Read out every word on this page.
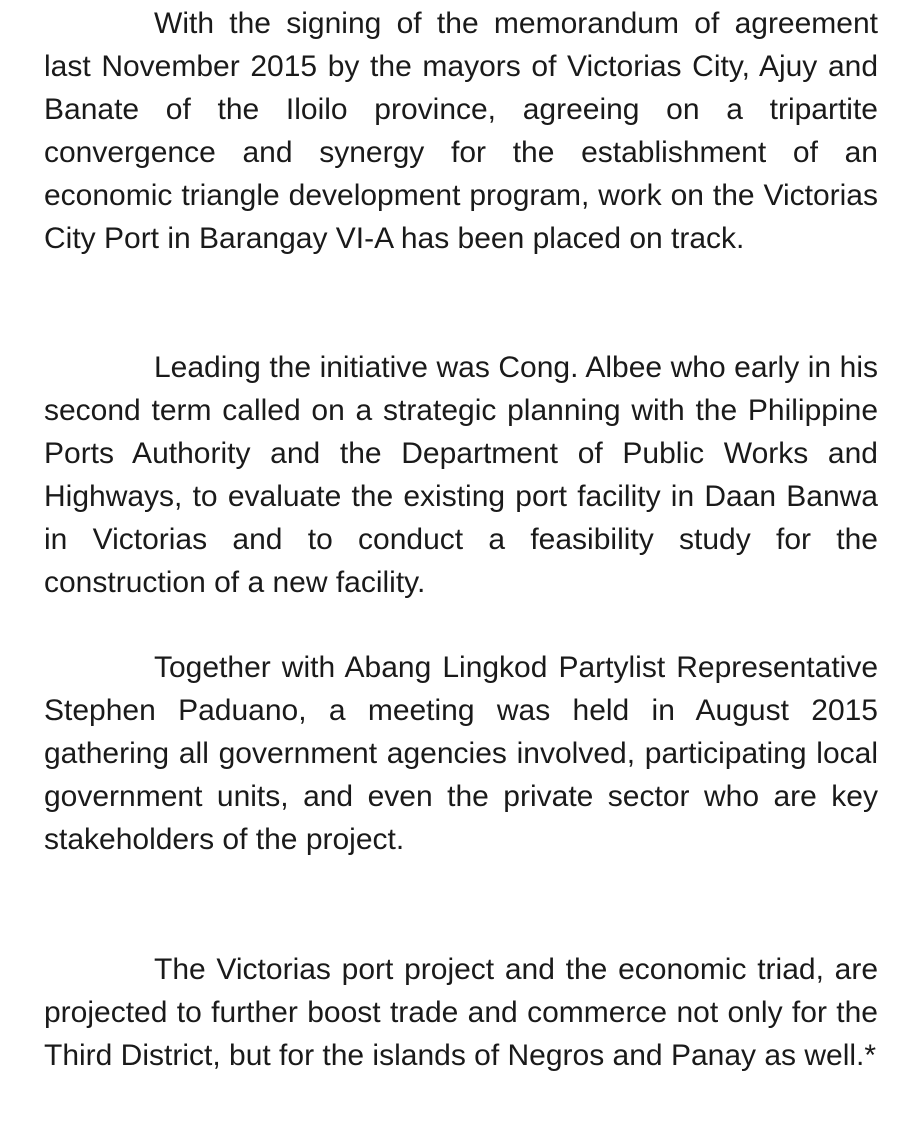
With the signing of the memorandum of agreement last November 2015 by the mayors of Victorias City, Ajuy and Banate of the Iloilo province, agreeing on a tripartite convergence and synergy for the establishment of an economic triangle development program, work on the Victorias City Port in Barangay VI-A has been placed on track.

Leading the initiative was Cong. Albee who early in his second term called on a strategic planning with the Philippine Ports Authority and the Department of Public Works and Highways, to evaluate the existing port facility in Daan Banwa in Victorias and to conduct a feasibility study for the construction of a new facility.

Together with Abang Lingkod Partylist Representative Stephen Paduano, a meeting was held in August 2015 gathering all government agencies involved, participating local government units, and even the private sector who are key stakeholders of the project.

The Victorias port project and the economic triad, are projected to further boost trade and commerce not only for the Third District, but for the islands of Negros and Panay as well.*
